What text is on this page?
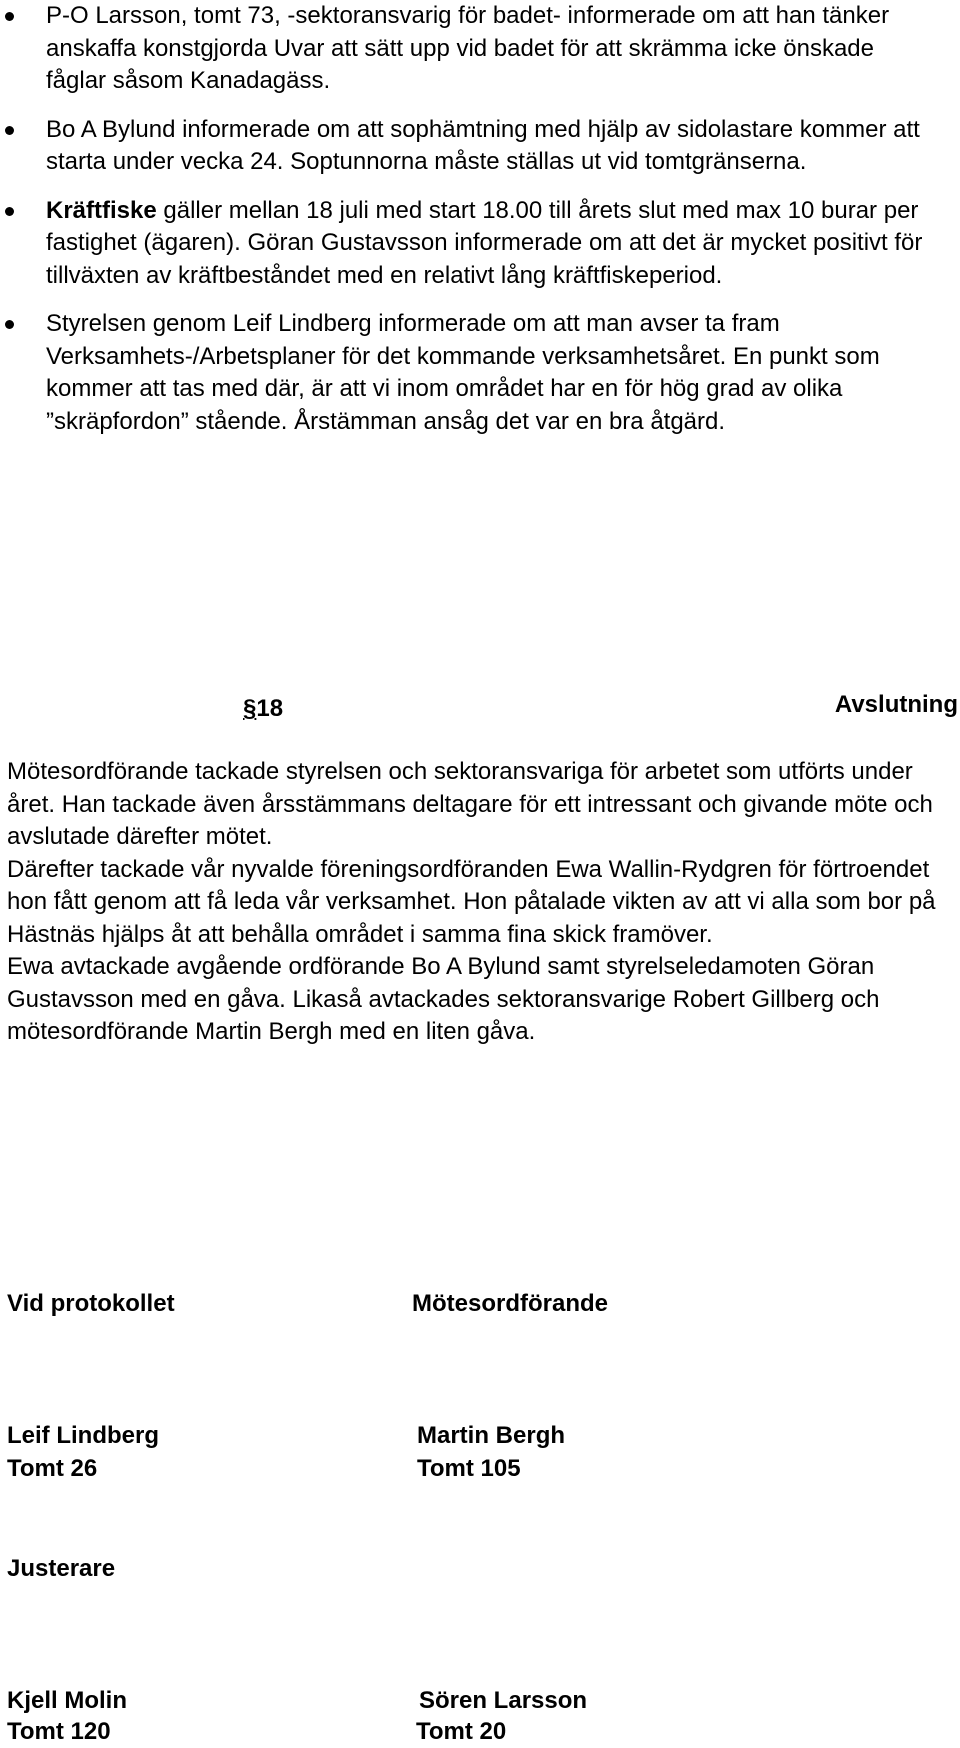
P-O Larsson, tomt 73, -sektoransvarig för badet- informerade om att han tänker anskaffa konstgjorda Uvar att sätt upp vid badet för att skrämma icke önskade fåglar såsom Kanadagäss.
Bo A Bylund informerade om att sophämtning med hjälp av sidolastare kommer att starta under vecka 24. Soptunnorna måste ställas ut vid tomtgränserna.
Kräftfiske gäller mellan 18 juli med start 18.00 till årets slut med max 10 burar per fastighet (ägaren). Göran Gustavsson informerade om att det är mycket positivt för tillväxten av kräftbeståndet med en relativt lång kräftfiskeperiod.
Styrelsen genom Leif Lindberg informerade om att man avser ta fram Verksamhets-/Arbetsplaner för det kommande verksamhetsåret. En punkt som kommer att tas med där, är att vi inom området har en för hög grad av olika ”skräpfordon” stående. Årstämman ansåg det var en bra åtgärd.
§18	Avslutning

Mötesordförande tackade styrelsen och sektoransvariga för arbetet som utförts under året. Han tackade även årsstämmans deltagare för ett intressant och givande möte och avslutade därefter mötet.

Därefter tackade vår nyvalde föreningsordföranden Ewa Wallin-Rydgren för förtroendet hon fått genom att få leda vår verksamhet. Hon påtalade vikten av att vi alla som bor på Hästnäs hjälps åt att behålla området i samma fina skick framöver.

Ewa avtackade avgående ordförande Bo A Bylund samt styrelseledamoten Göran Gustavsson med en gåva. Likaså avtackades sektoransvarige Robert Gillberg och mötesordförande Martin Bergh med en liten gåva.

Vid protokollet	Mötesordförande
Leif Lindberg
Tomt 26
Martin Bergh
Tomt 105
Justerare
Kjell Molin
Tomt 120
Sören Larsson
Tomt 20
